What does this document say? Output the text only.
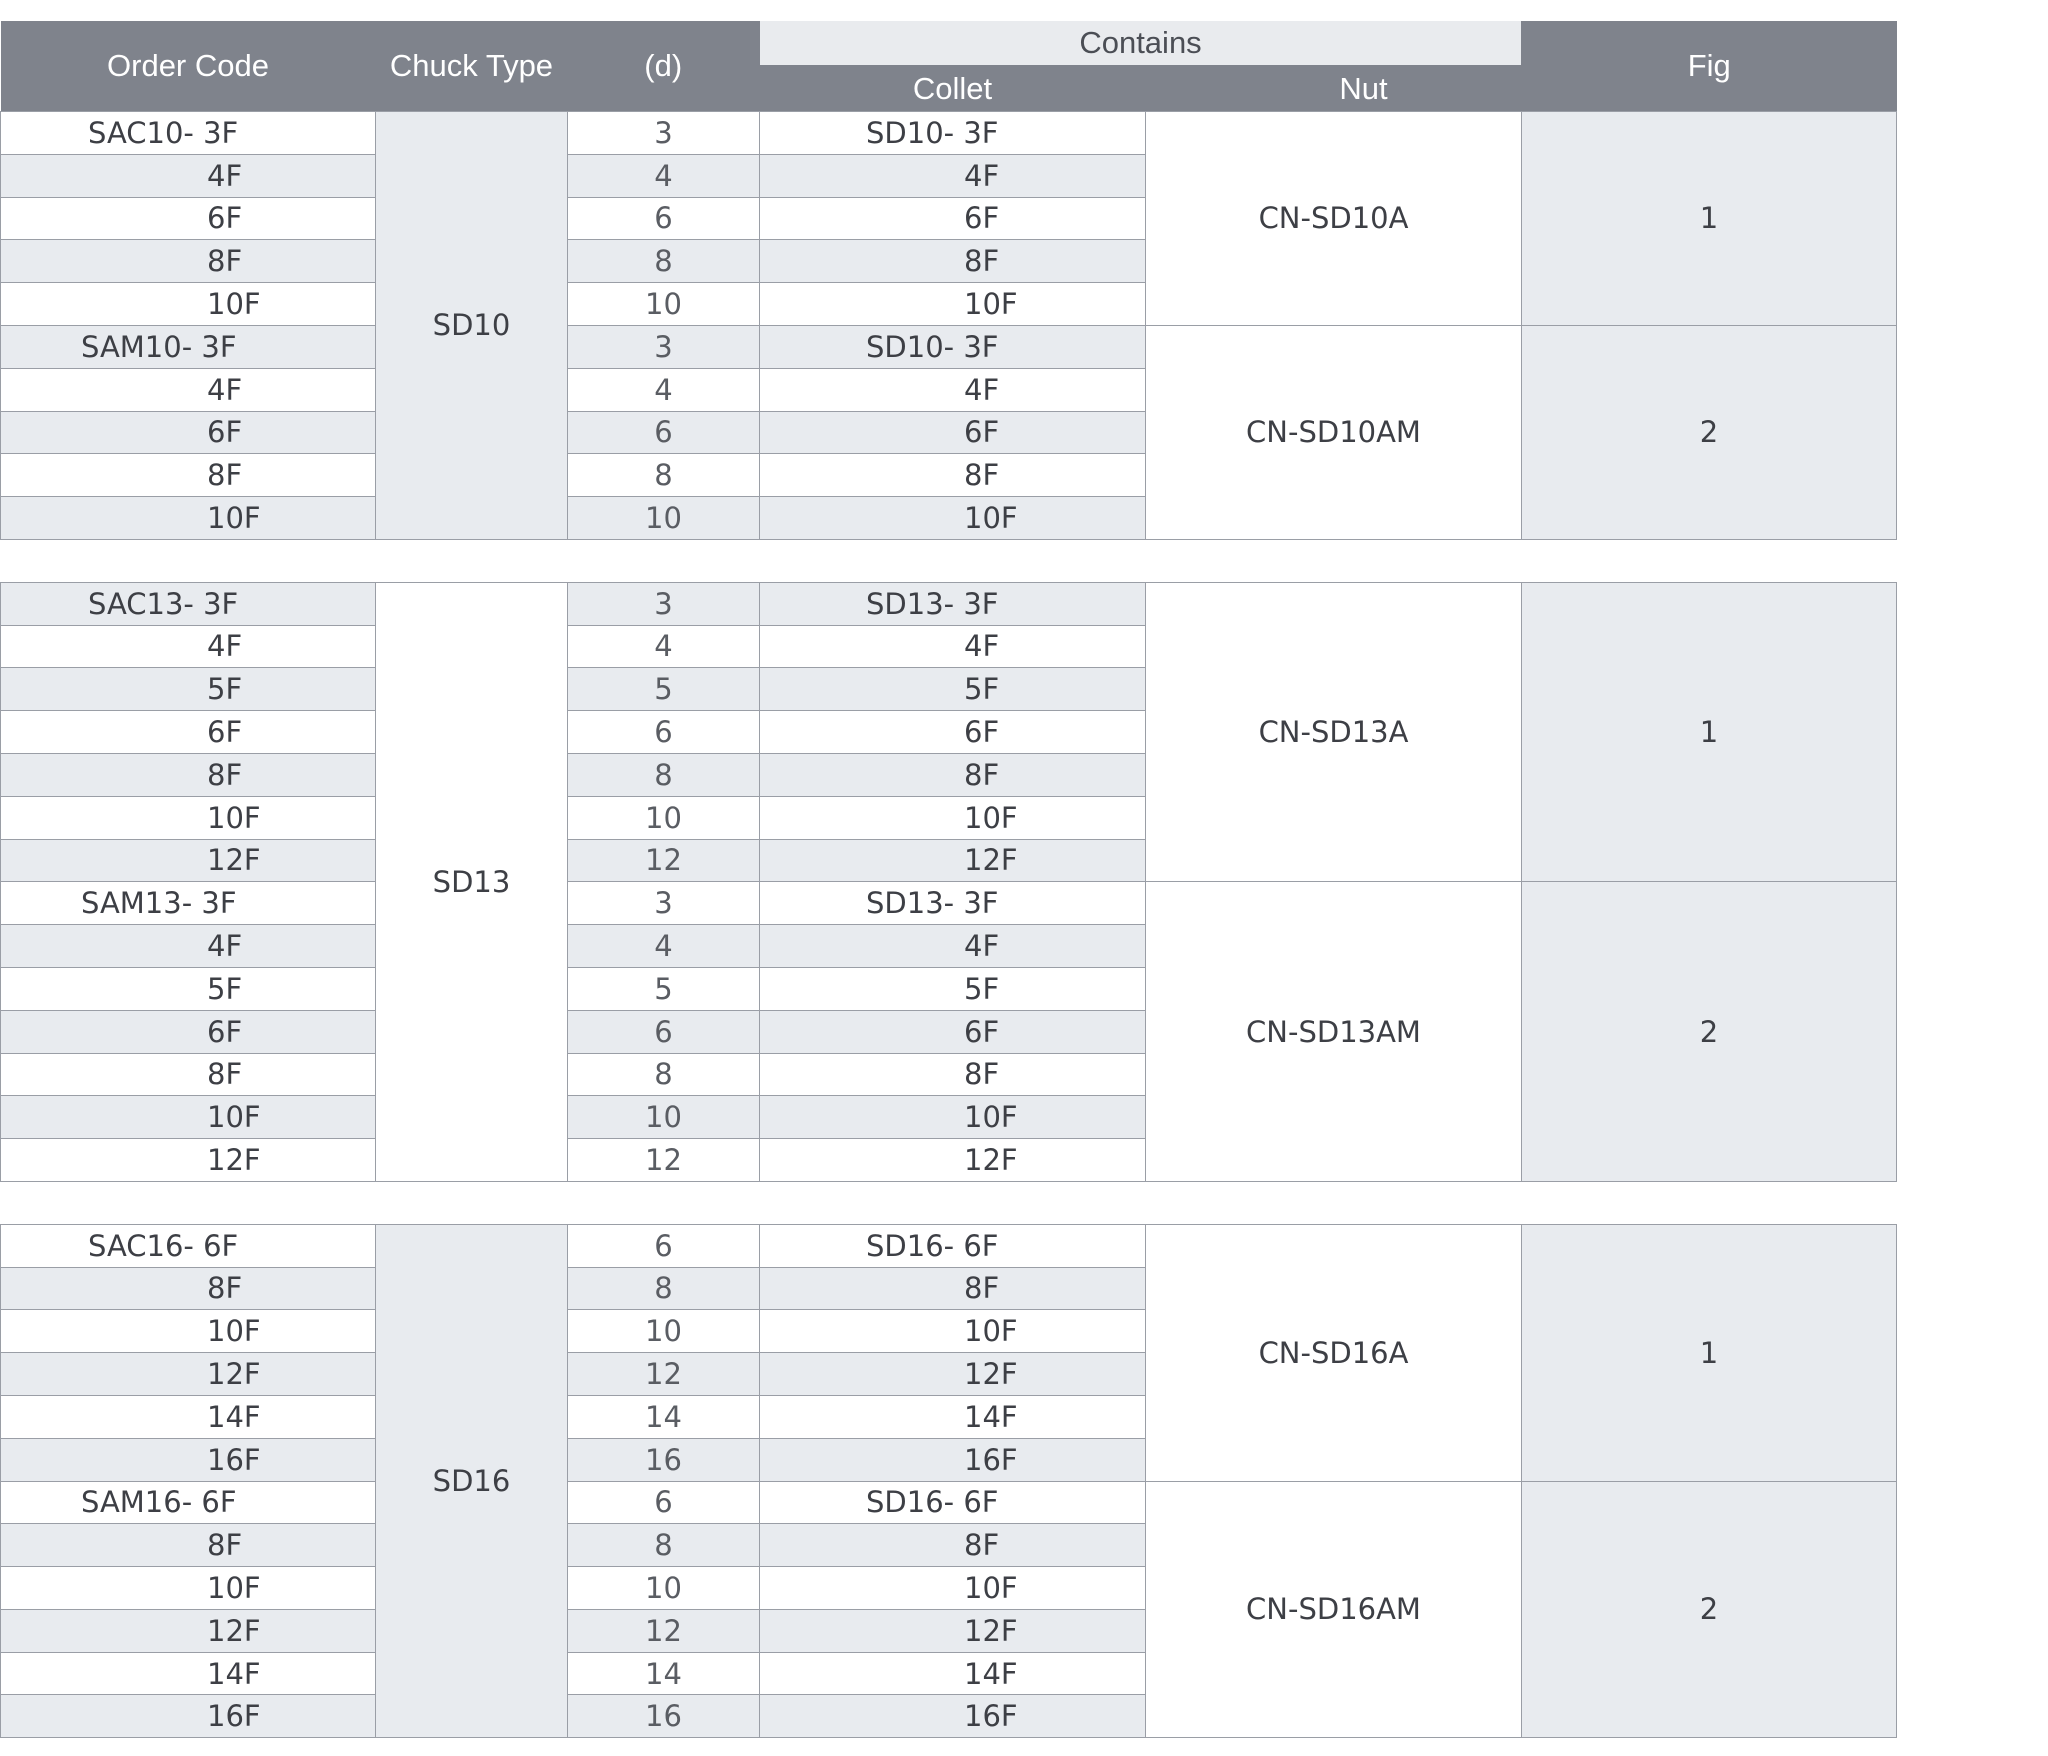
Order Code	Chuck Type	(d)	Contains		Fig
			Collet	Nut	
SAC10- 3F	SD10	3	SD10- 3F	CN-SD10A	1

4F		4	4F		

6F		6	6F		

8F		8	8F		

10F		10	10F		

SAM10- 3F		3	SD10- 3F	CN-SD10AM	2

4F		4	4F		

6F		6	6F		

8F		8	8F		

10F		10	10F		

SAC13- 3F	SD13	3	SD13- 3F	CN-SD13A	1

4F		4	4F		

5F		5	5F		

6F		6	6F		

8F		8	8F		

10F		10	10F		

12F		12	12F		

SAM13- 3F		3	SD13- 3F	CN-SD13AM	2

4F		4	4F		

5F		5	5F		

6F		6	6F		

8F		8	8F		

10F		10	10F		

12F		12	12F		

SAC16- 6F	SD16	6	SD16- 6F	CN-SD16A	1

8F		8	8F		

10F		10	10F		

12F		12	12F		

14F		14	14F		

16F		16	16F		

SAM16- 6F		6	SD16- 6F	CN-SD16AM	2

8F		8	8F		

10F		10	10F		

12F		12	12F		

14F		14	14F		

16F		16	16F		
